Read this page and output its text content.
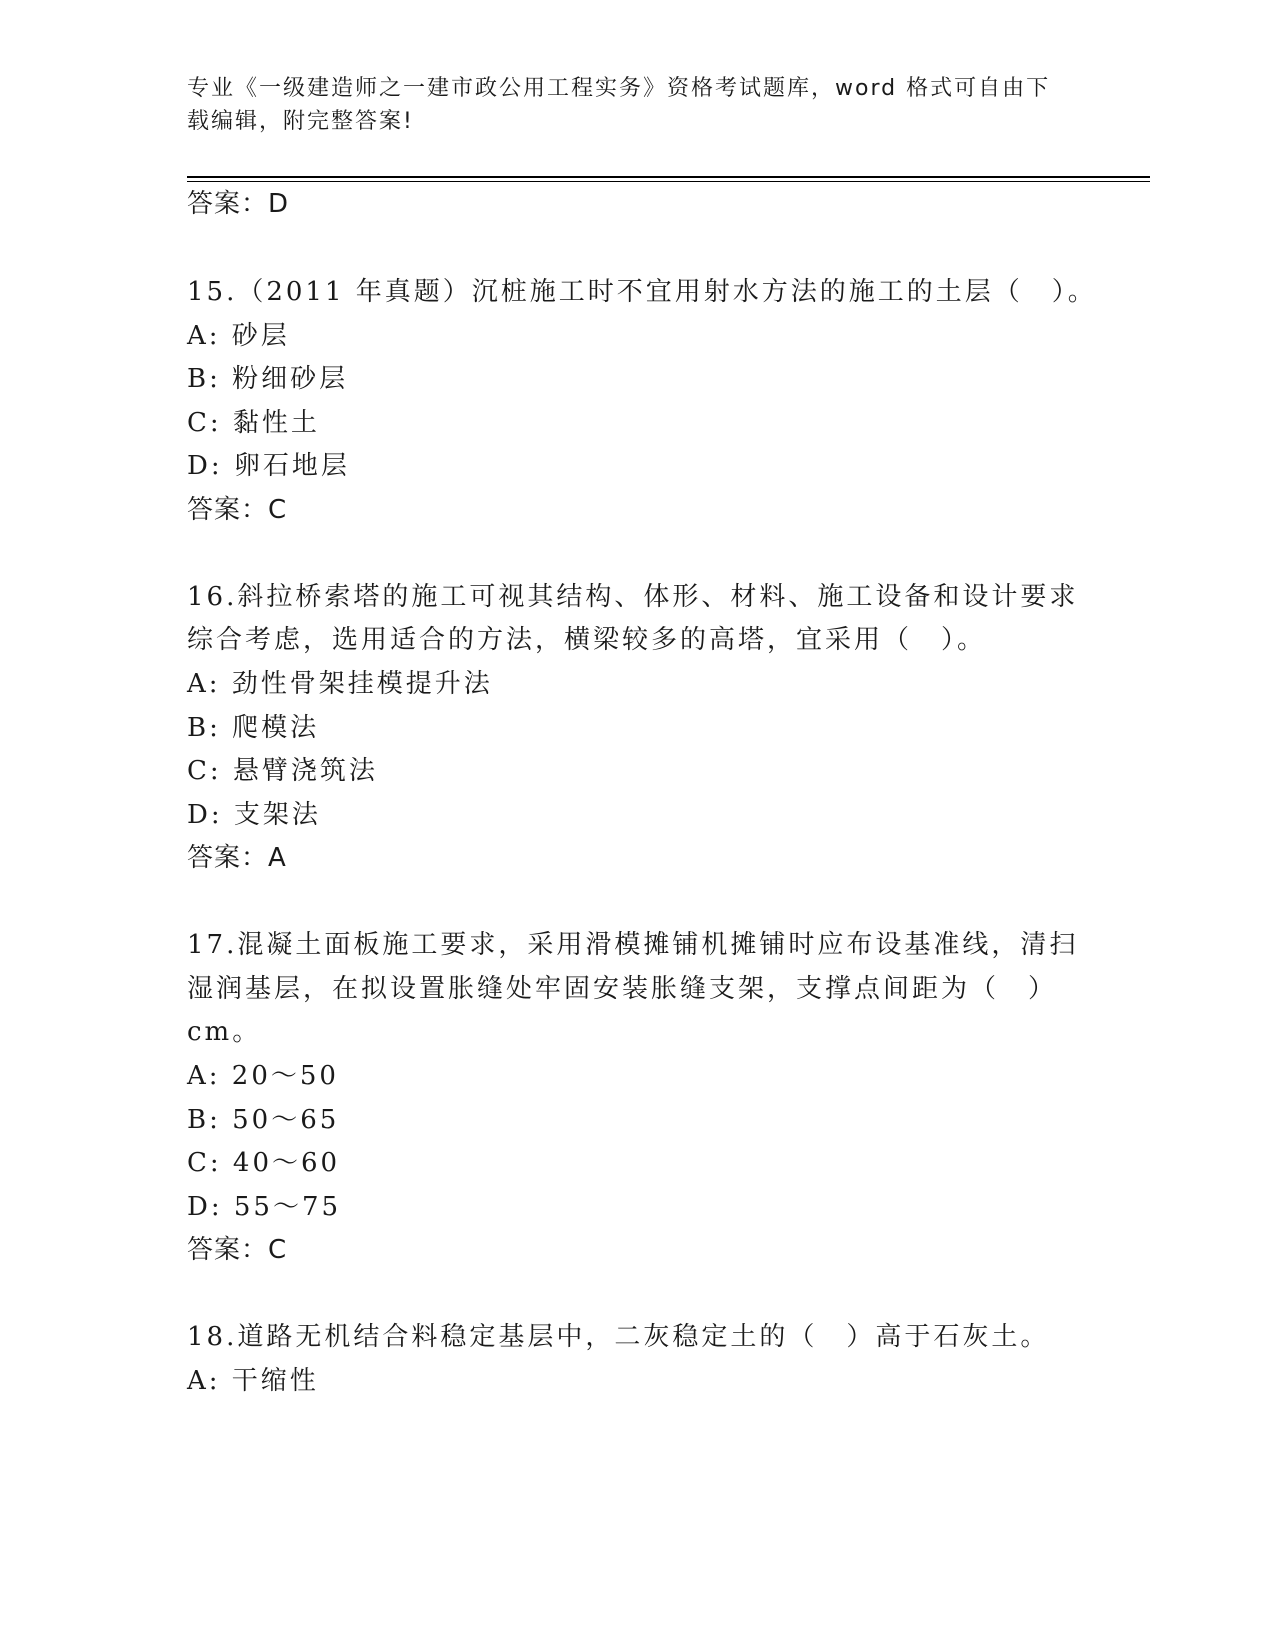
专业《一级建造师之一建市政公用工程实务》资格考试题库，word 格式可自由下
载编辑，附完整答案!
答案：D
15.（2011 年真题）沉桩施工时不宜用射水方法的施工的土层（　）。
A: 砂层
B: 粉细砂层
C: 黏性土
D: 卵石地层
答案：C
16.斜拉桥索塔的施工可视其结构、体形、材料、施工设备和设计要求
综合考虑，选用适合的方法，横梁较多的高塔，宜采用（　）。
A: 劲性骨架挂模提升法
B: 爬模法
C: 悬臂浇筑法
D: 支架法
答案：A
17.混凝土面板施工要求，采用滑模摊铺机摊铺时应布设基准线，清扫
湿润基层，在拟设置胀缝处牢固安装胀缝支架，支撑点间距为（　）
cm。
A: 20～50
B: 50～65
C: 40～60
D: 55～75
答案：C
18.道路无机结合料稳定基层中，二灰稳定土的（　）高于石灰土。
A: 干缩性
